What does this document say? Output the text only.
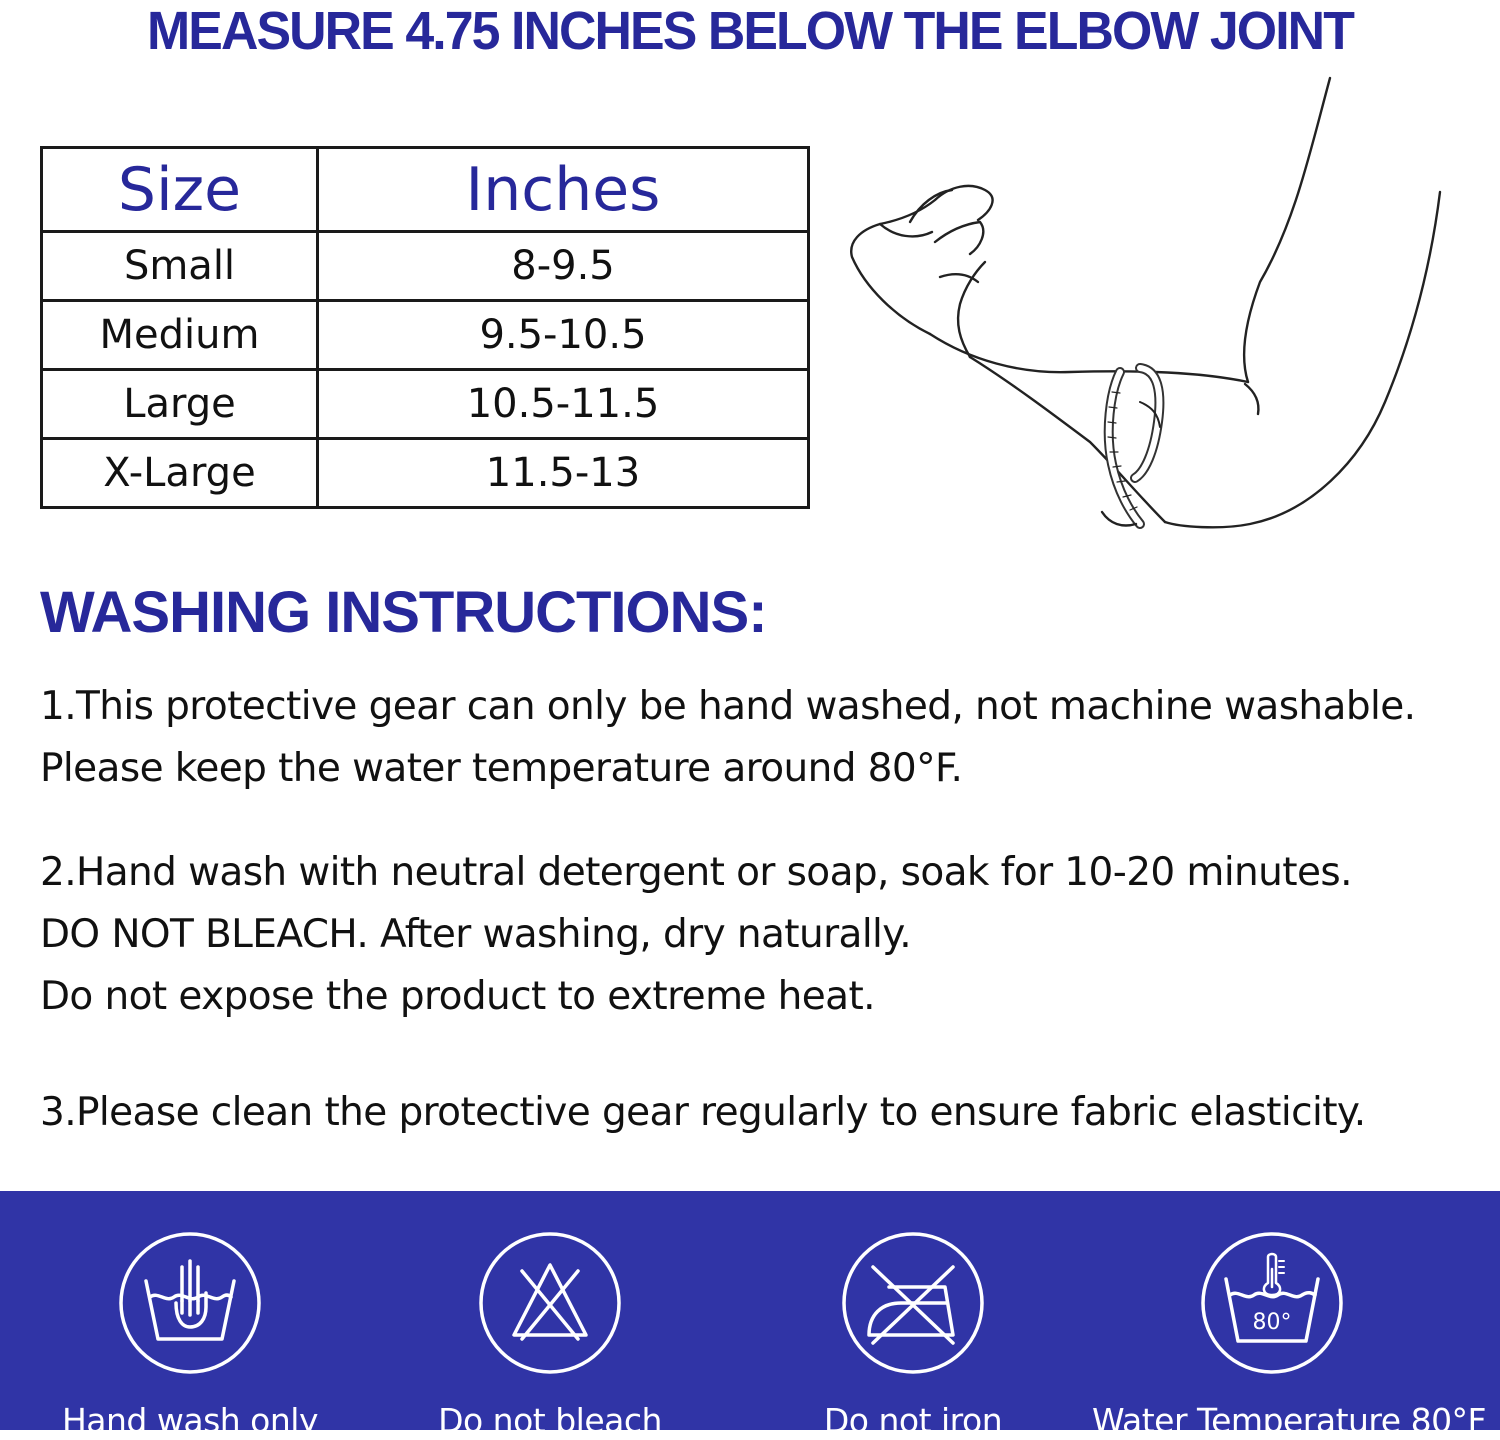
MEASURE 4.75 INCHES BELOW THE ELBOW JOINT
Size	Inches
Small	8-9.5
Medium	9.5-10.5
Large	10.5-11.5
X-Large	11.5-13
WASHING INSTRUCTIONS:

1.This protective gear can only be hand washed, not machine washable.
Please keep the water temperature around 80°F.

2.Hand wash with neutral detergent or soap, soak for 10-20 minutes.
DO NOT BLEACH. After washing, dry naturally.
Do not expose the product to extreme heat.

3.Please clean the protective gear regularly to ensure fabric elasticity.

Hand wash only	Do not bleach	Do not iron
80°
Water Temperature 80°F
